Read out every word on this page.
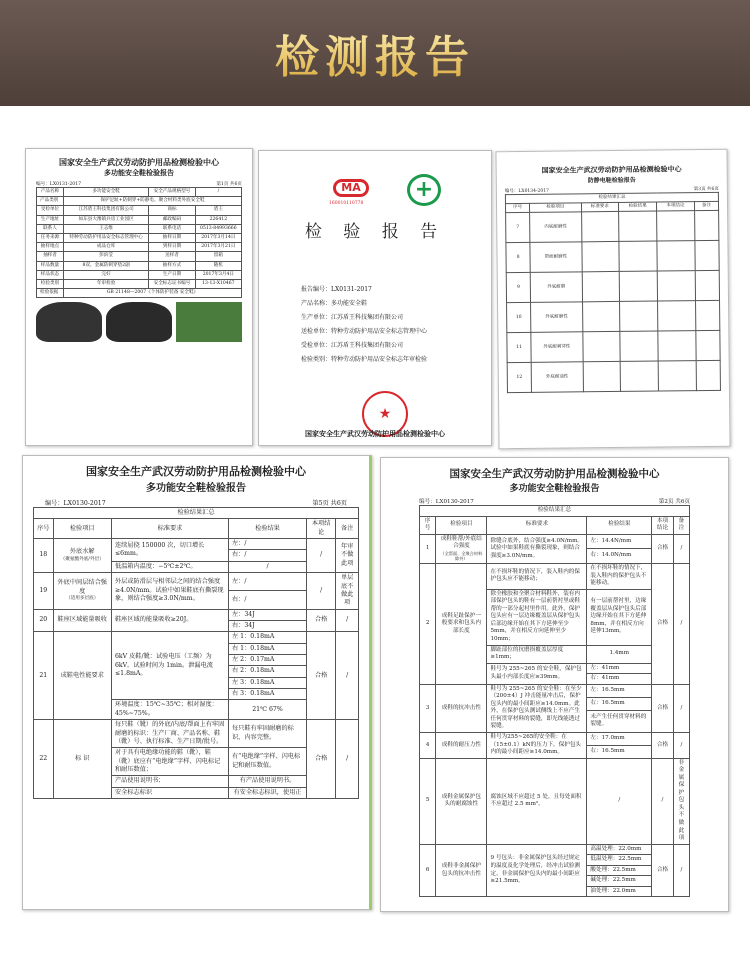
检测报告
国家安全生产武汉劳动防护用品检测检验中心
多功能安全鞋检验报告
编号：LX0131-2017	第1页 共6页
产品名称	多功能安全鞋	安全产品规格型号	/
产品类别	保护足趾+防刺穿+防静电、聚合材料类外底安全鞋		
受检单位	江苏盾王科技集团有限公司	商标	盾王
生产地址	如东县大豫镇兵房工业园区	邮政编码	226412
联系人	王志维	联系电话	0513-84993666
任务来源	特种劳动防护用品安全标志管理中心	抽样日期	2017年3月14日
抽样地点	成品仓库	到样日期	2017年3月21日
抽样者	彭滨莹	送样者	留箱
样品数量	8双、金属防刺穿垫2副	抽样方式	随机
样品状态	完好	生产日期	2017年3月4日
检验类别	年审检验	安全标志证书编号	13-13-X10467
检验依据	GB 21148—2007《个体防护装备 安全鞋》		
MA
160010110778
+
检 验 报 告
报告编号：LX0131-2017
产品名称：多功能安全鞋
生产单位：江苏盾王科技集团有限公司
送检单位：特种劳动防护用品安全标志管理中心
受检单位：江苏盾王科技集团有限公司
检验类别：特种劳动防护用品安全标志年审检验
★
国家安全生产武汉劳动防护用品检测检验中心
国家安全生产武汉劳动防护用品检测检验中心
防静电鞋检验报告
编号：LX0134-2017	第3页 共6页
检验结果汇总					
序号	检验项目	标准要求	检验结果	本项结论	备注
7	内底耐磨性				
8	帮面耐磨性				
9	外底耐磨				
10	外底耐磨性				
11	外底耐刺穿性				
12	外底耐油性				
国家安全生产武汉劳动防护用品检测检验中心
多功能安全鞋检验报告
编号：LX0130-2017	第5页 共6页
检验结果汇总					
序号	检验项目	标准要求	检验结果	本项结论	备注
18	外底水解
（聚氨酯外底/外层）	连续屈挠 150000 次，切口增长≤6mm。	左：/	/	年审不做此项
			右：/		
		低温箱内温度：−5℃±2℃。	/		
19	外底中间层结合强度
（适用多层底）	外层或防滑层与相邻层之间的结合强度≥4.0N/mm。试验中如果鞋底有撕裂现象，则结合强度≥3.0N/mm。	左：/	/	单层底不做此项
			右：/		
20	鞋座区域能量吸收	鞋座区域的能量吸收≥20J。	左：34J	合格	/
			右：34J		
21	成鞋电性能要求	6kV 皮鞋/靴：试验电压（工频）为 6kV。试验时间为 1min。泄漏电流≤1.8mA。	左 1：0.18mA	合格	/
			右 1：0.18mA		
			左 2：0.17mA		
			右 2：0.18mA		
			左 3：0.18mA		
			右 3：0.18mA		
		环境温度：15℃~35℃；相对湿度：45%~75%。	21℃ 67%		
22	标 识	每只鞋（靴）的外底/内底/帮面上有牢固耐磨的标识：生产厂商、产品名称、鞋（靴）号、执行标准、生产日期/批号。	每只鞋有牢固耐磨的标识，内容完整。	合格	/
		对于具有电绝缘功能的鞋（靴），鞋（靴）底应有“电绝缘”字样、闪电标记和耐压数值；	有“电绝缘”字样、闪电标记和耐压数值。		
		产品使用说明书；	有产品使用说明书。		
		安全标志标识	有安全标志标识，使用正		
国家安全生产武汉劳动防护用品检测检验中心
多功能安全鞋检验报告
编号：LX0130-2017	第2页 共6页
检验结果汇总					
序号	检验项目	标准要求	检验结果	本项结论	备注
1	成鞋鞋帮/外底结合强度
（全帮面、全聚合材料除外）	除缝合底外，结合强度≥4.0N/mm。试验中如果鞋底有撕裂现象，则结合强度≥3.0N/mm。	左：14.4N/mm	合格	/
			右：14.0N/mm		
2	成鞋足趾保护一般要求和包头内部长度	在不损坏鞋的情况下，装入鞋内的保护包头应不能移动；	在不损坏鞋的情况下，装入鞋内的保护包头不能移动。	合格	/
		除全橡胶和全聚合材料鞋外，装有内部保护包头的鞋有一层前帮衬里或鞋帮的一部分起衬里作用。此外，保护包头应有一层边缘覆盖层从保护包头后部边缘开始在其下方延伸至少5mm，并在相反方向延伸至少10mm；	有一层前帮衬里，边缘覆盖层从保护包头后部边缘开始在其下方延伸8mm，并在相反方向延伸13mm。		
		脚趾部位的抗磨损覆盖层厚度≥1mm；	1.4mm		
		鞋号为 255~265 的安全鞋，保护包头最小内部长度应≥39mm。	左：41mm		
			右：41mm		
3	成鞋的抗冲击性	鞋号为 255~265 的安全鞋：在至少（200±4）J 冲击能量冲击后，保护包头内的最小间距应≥14.0mm。此外，在保护包头测试侧线上不应产生任何贯穿材料的裂缝，即光线能透过裂缝。	左：16.5mm	合格	/
			右：16.5mm		
			未产生任何贯穿材料的裂缝。		
4	成鞋的耐压力性	鞋号为255~265的安全鞋：在（15±0.1）kN的压力下，保护包头内的最小间距应≥14.0mm。	左：17.0mm	合格	/
			右：16.5mm		
5	成鞋金属保护包头的耐腐蚀性	腐蚀区域不应超过 5 处，且每处面积不应超过 2.5 mm²。	/	/	非金属保护包头不做此项
6	成鞋非金属保护包头的抗冲击性	9 号包头：非金属保护包头经过规定的温度及化学处理后，经冲击试验测定，非金属保护包头内的最小间距应≥21.5mm。	高温处理：22.0mm	合格	/
			低温处理：22.5mm		
			酸处理：22.5mm		
			碱处理：22.5mm		
			油处理：22.0mm		
